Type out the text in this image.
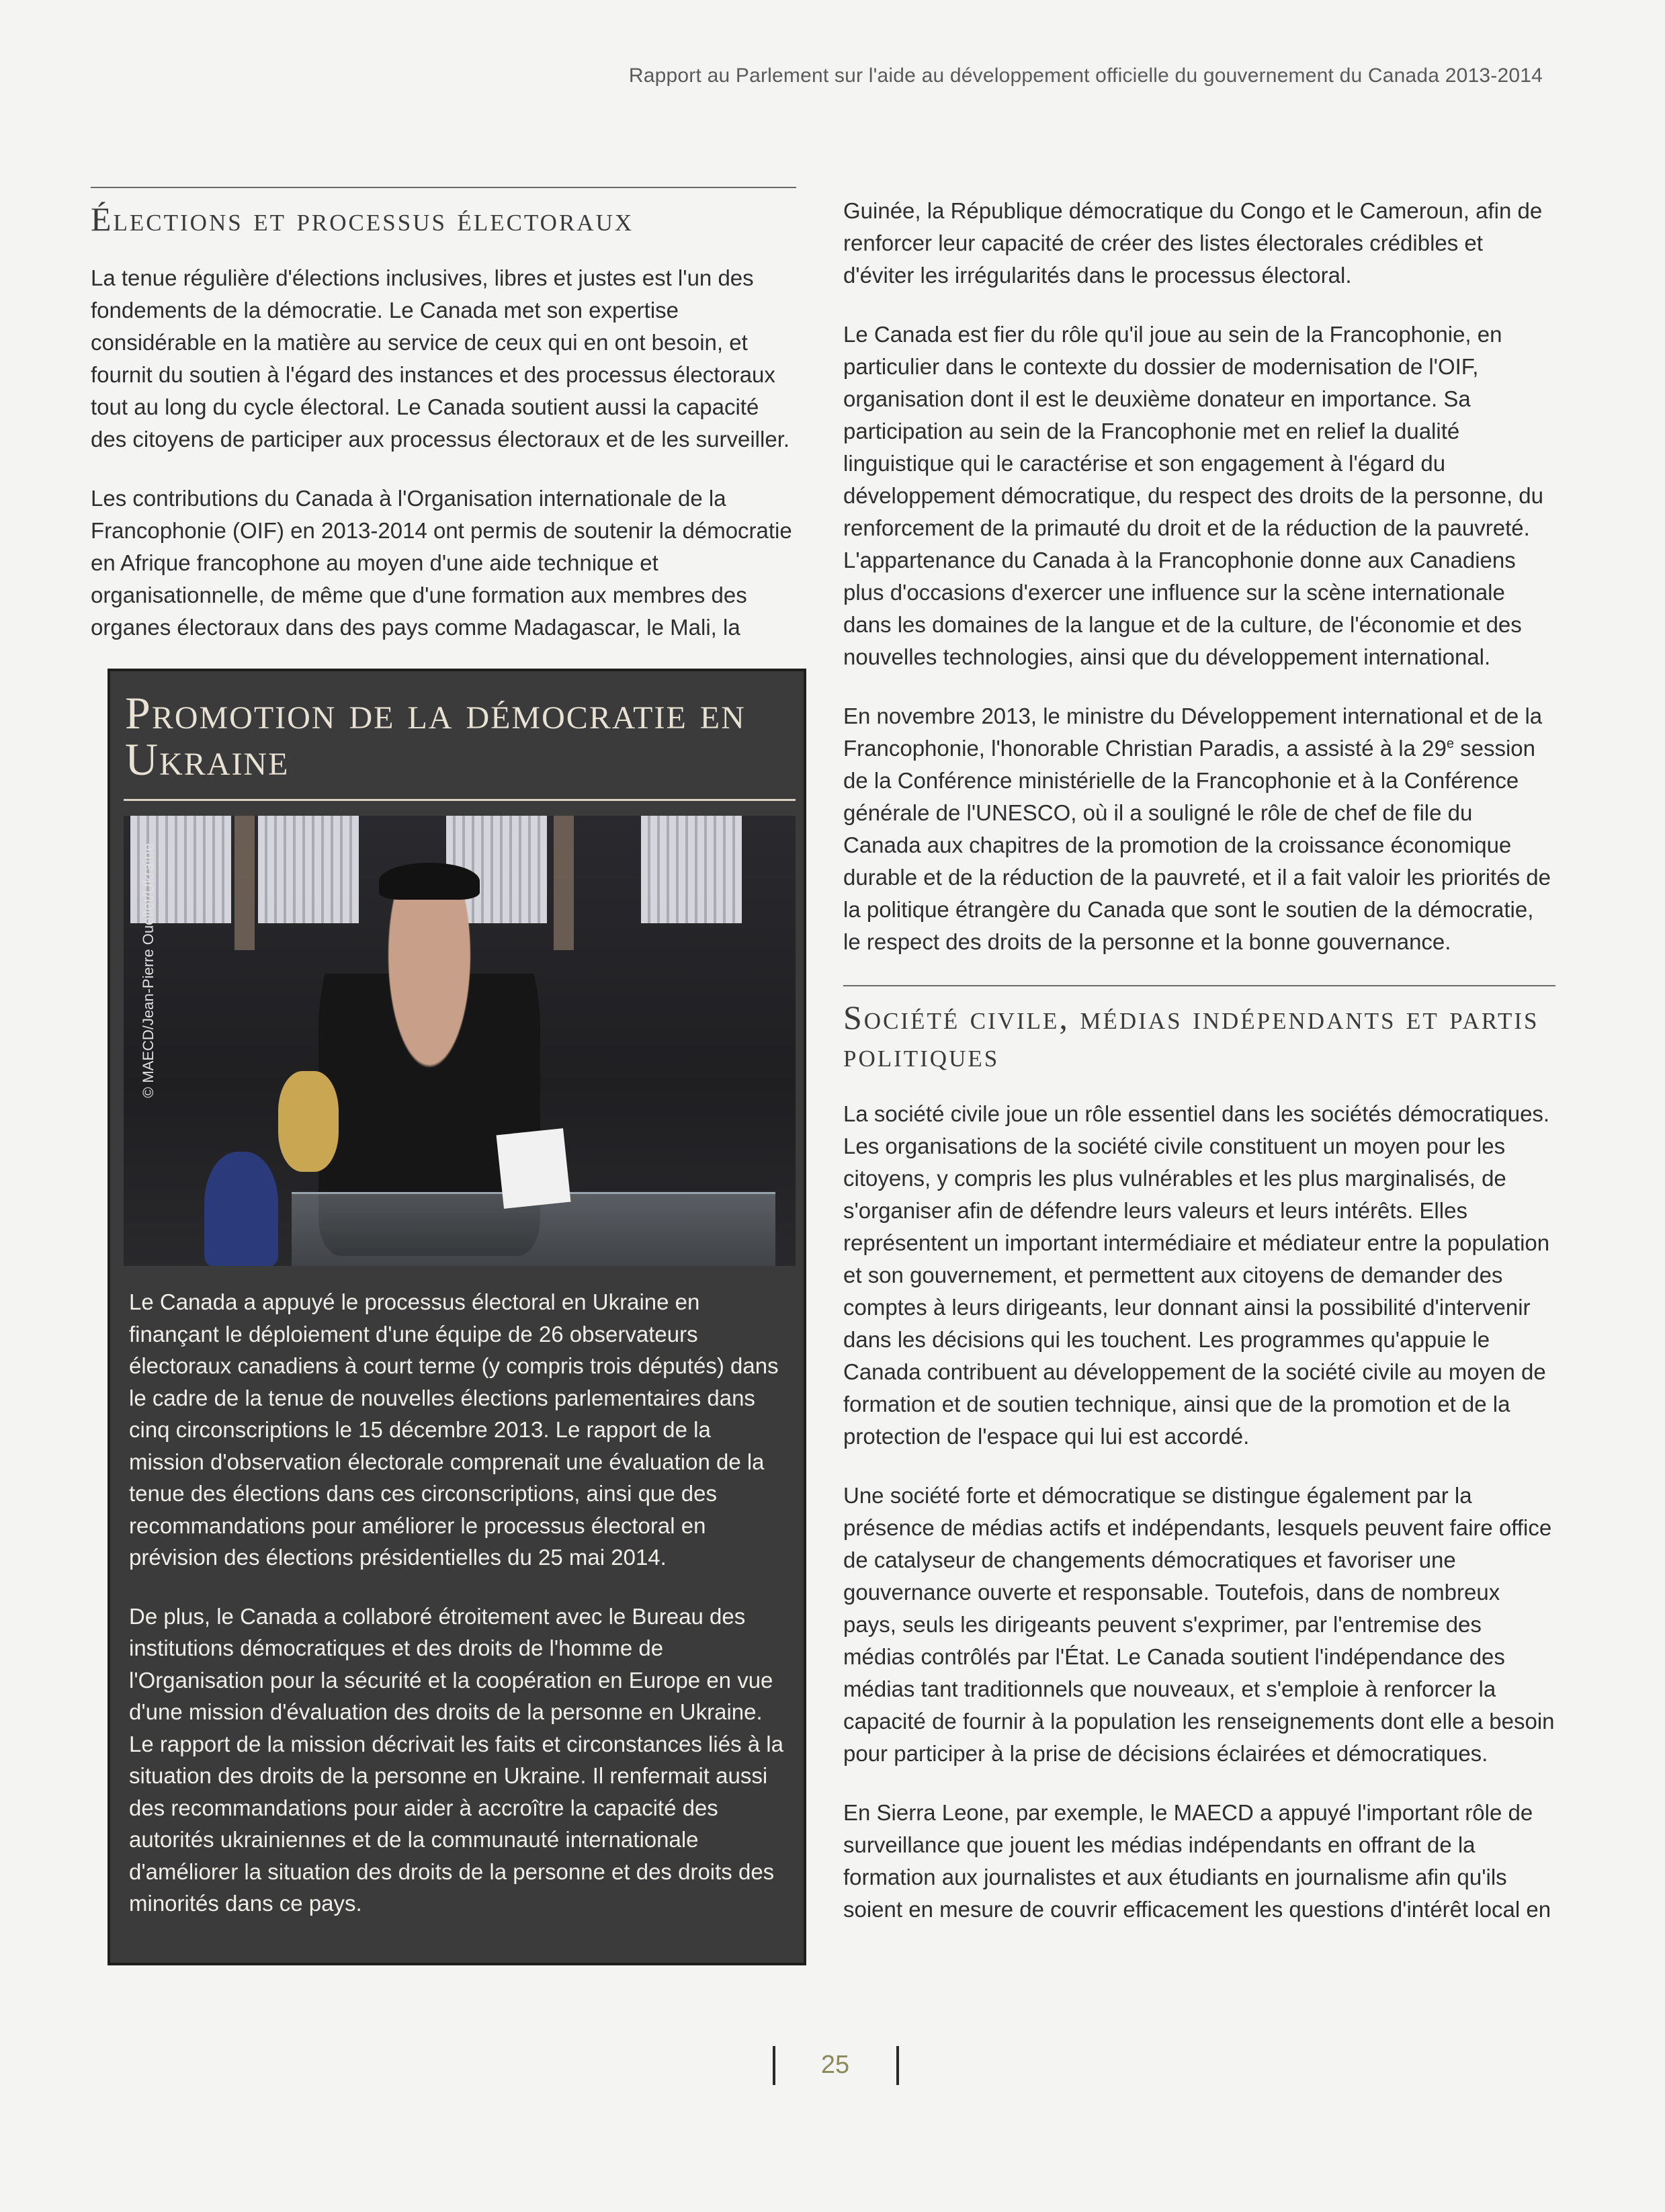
Rapport au Parlement sur l'aide au développement officielle du gouvernement du Canada 2013-2014
Élections et processus électoraux

La tenue régulière d'élections inclusives, libres et justes est l'un des fondements de la démocratie. Le Canada met son expertise considérable en la matière au service de ceux qui en ont besoin, et fournit du soutien à l'égard des instances et des processus électoraux tout au long du cycle électoral. Le Canada soutient aussi la capacité des citoyens de participer aux processus électoraux et de les surveiller.

Les contributions du Canada à l'Organisation internationale de la Francophonie (OIF) en 2013-2014 ont permis de soutenir la démocratie en Afrique francophone au moyen d'une aide technique et organisationnelle, de même que d'une formation aux membres des organes électoraux dans des pays comme Madagascar, le Mali, la

Promotion de la démocratie en Ukraine
© MAECD/Jean-Pierre Ouellet/Ukraine

Le Canada a appuyé le processus électoral en Ukraine en finançant le déploiement d'une équipe de 26 observateurs électoraux canadiens à court terme (y compris trois députés) dans le cadre de la tenue de nouvelles élections parlementaires dans cinq circonscriptions le 15 décembre 2013. Le rapport de la mission d'observation électorale comprenait une évaluation de la tenue des élections dans ces circonscriptions, ainsi que des recommandations pour améliorer le processus électoral en prévision des élections présidentielles du 25 mai 2014.

De plus, le Canada a collaboré étroitement avec le Bureau des institutions démocratiques et des droits de l'homme de l'Organisation pour la sécurité et la coopération en Europe en vue d'une mission d'évaluation des droits de la personne en Ukraine. Le rapport de la mission décrivait les faits et circonstances liés à la situation des droits de la personne en Ukraine. Il renfermait aussi des recommandations pour aider à accroître la capacité des autorités ukrainiennes et de la communauté internationale d'améliorer la situation des droits de la personne et des droits des minorités dans ce pays.

Guinée, la République démocratique du Congo et le Cameroun, afin de renforcer leur capacité de créer des listes électorales crédibles et d'éviter les irrégularités dans le processus électoral.

Le Canada est fier du rôle qu'il joue au sein de la Francophonie, en particulier dans le contexte du dossier de modernisation de l'OIF, organisation dont il est le deuxième donateur en importance. Sa participation au sein de la Francophonie met en relief la dualité linguistique qui le caractérise et son engagement à l'égard du développement démocratique, du respect des droits de la personne, du renforcement de la primauté du droit et de la réduction de la pauvreté. L'appartenance du Canada à la Francophonie donne aux Canadiens plus d'occasions d'exercer une influence sur la scène internationale dans les domaines de la langue et de la culture, de l'économie et des nouvelles technologies, ainsi que du développement international.

En novembre 2013, le ministre du Développement international et de la Francophonie, l'honorable Christian Paradis, a assisté à la 29e session de la Conférence ministérielle de la Francophonie et à la Conférence générale de l'UNESCO, où il a souligné le rôle de chef de file du Canada aux chapitres de la promotion de la croissance économique durable et de la réduction de la pauvreté, et il a fait valoir les priorités de la politique étrangère du Canada que sont le soutien de la démocratie, le respect des droits de la personne et la bonne gouvernance.

Société civile, médias indépendants et partis politiques

La société civile joue un rôle essentiel dans les sociétés démocratiques. Les organisations de la société civile constituent un moyen pour les citoyens, y compris les plus vulnérables et les plus marginalisés, de s'organiser afin de défendre leurs valeurs et leurs intérêts. Elles représentent un important intermédiaire et médiateur entre la population et son gouvernement, et permettent aux citoyens de demander des comptes à leurs dirigeants, leur donnant ainsi la possibilité d'intervenir dans les décisions qui les touchent. Les programmes qu'appuie le Canada contribuent au développement de la société civile au moyen de formation et de soutien technique, ainsi que de la promotion et de la protection de l'espace qui lui est accordé.

Une société forte et démocratique se distingue également par la présence de médias actifs et indépendants, lesquels peuvent faire office de catalyseur de changements démocratiques et favoriser une gouvernance ouverte et responsable. Toutefois, dans de nombreux pays, seuls les dirigeants peuvent s'exprimer, par l'entremise des médias contrôlés par l'État. Le Canada soutient l'indépendance des médias tant traditionnels que nouveaux, et s'emploie à renforcer la capacité de fournir à la population les renseignements dont elle a besoin pour participer à la prise de décisions éclairées et démocratiques.

En Sierra Leone, par exemple, le MAECD a appuyé l'important rôle de surveillance que jouent les médias indépendants en offrant de la formation aux journalistes et aux étudiants en journalisme afin qu'ils soient en mesure de couvrir efficacement les questions d'intérêt local en

25
